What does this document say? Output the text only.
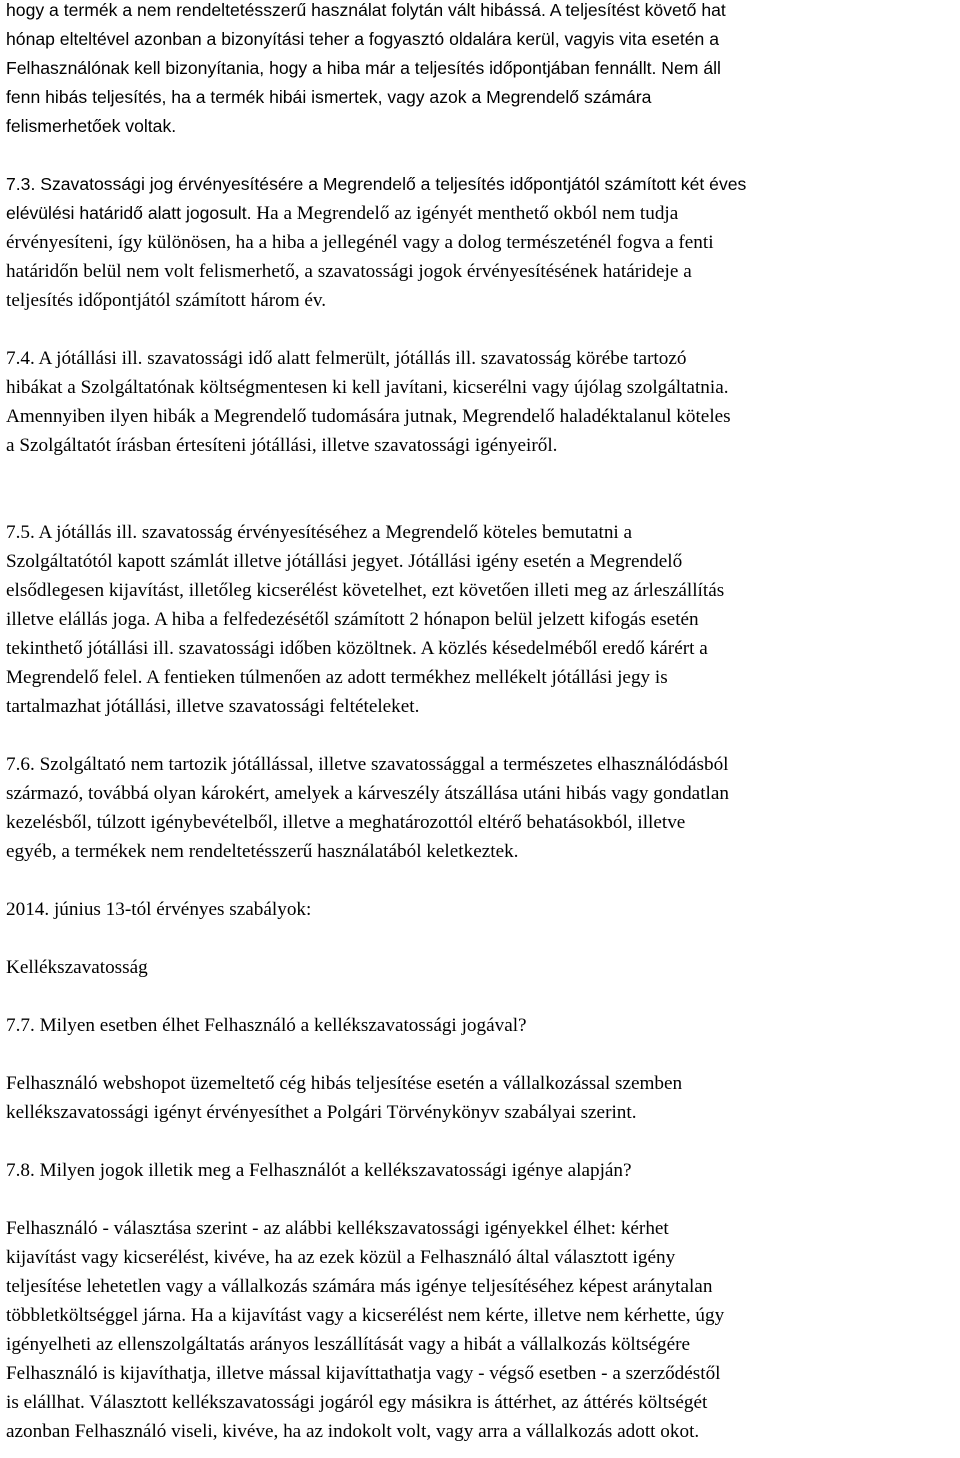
hogy a termék a nem rendeltetésszerű használat folytán vált hibássá. A teljesítést követő hat
hónap elteltével azonban a bizonyítási teher a fogyasztó oldalára kerül, vagyis vita esetén a
Felhasználónak kell bizonyítania, hogy a hiba már a teljesítés időpontjában fennállt. Nem áll
fenn hibás teljesítés, ha a termék hibái ismertek, vagy azok a Megrendelő számára
felismerhetőek voltak.

7.3. Szavatossági jog érvényesítésére a Megrendelő a teljesítés időpontjától számított két éves
elévülési határidő alatt jogosult. Ha a Megrendelő az igényét menthető okból nem tudja
érvényesíteni, így különösen, ha a hiba a jellegénél vagy a dolog természeténél fogva a fenti
határidőn belül nem volt felismerhető, a szavatossági jogok érvényesítésének határideje a
teljesítés időpontjától számított három év.

7.4. A jótállási ill. szavatossági idő alatt felmerült, jótállás ill. szavatosság körébe tartozó
hibákat a Szolgáltatónak költségmentesen ki kell javítani, kicserélni vagy újólag szolgáltatnia.
Amennyiben ilyen hibák a Megrendelő tudomására jutnak, Megrendelő haladéktalanul köteles
a Szolgáltatót írásban értesíteni jótállási, illetve szavatossági igényeiről.

7.5. A jótállás ill. szavatosság érvényesítéséhez a Megrendelő köteles bemutatni a
Szolgáltatótól kapott számlát illetve jótállási jegyet. Jótállási igény esetén a Megrendelő
elsődlegesen kijavítást, illetőleg kicserélést követelhet, ezt követően illeti meg az árleszállítás
illetve elállás joga. A hiba a felfedezésétől számított 2 hónapon belül jelzett kifogás esetén
tekinthető jótállási ill. szavatossági időben közöltnek. A közlés késedelméből eredő kárért a
Megrendelő felel. A fentieken túlmenően az adott termékhez mellékelt jótállási jegy is
tartalmazhat jótállási, illetve szavatossági feltételeket.

7.6. Szolgáltató nem tartozik jótállással, illetve szavatossággal a természetes elhasználódásból
származó, továbbá olyan károkért, amelyek a kárveszély átszállása utáni hibás vagy gondatlan
kezelésből, túlzott igénybevételből, illetve a meghatározottól eltérő behatásokból, illetve
egyéb, a termékek nem rendeltetésszerű használatából keletkeztek.

2014. június 13-tól érvényes szabályok:

Kellékszavatosság

7.7. Milyen esetben élhet Felhasználó a kellékszavatossági jogával?

Felhasználó webshopot üzemeltető cég hibás teljesítése esetén a vállalkozással szemben
kellékszavatossági igényt érvényesíthet a Polgári Törvénykönyv szabályai szerint.

7.8. Milyen jogok illetik meg a Felhasználót a kellékszavatossági igénye alapján?

Felhasználó - választása szerint - az alábbi kellékszavatossági igényekkel élhet: kérhet
kijavítást vagy kicserélést, kivéve, ha az ezek közül a Felhasználó által választott igény
teljesítése lehetetlen vagy a vállalkozás számára más igénye teljesítéséhez képest aránytalan
többletköltséggel járna. Ha a kijavítást vagy a kicserélést nem kérte, illetve nem kérhette, úgy
igényelheti az ellenszolgáltatás arányos leszállítását vagy a hibát a vállalkozás költségére
Felhasználó is kijavíthatja, illetve mással kijavíttathatja vagy - végső esetben - a szerződéstől
is elállhat. Választott kellékszavatossági jogáról egy másikra is áttérhet, az áttérés költségét
azonban Felhasználó viseli, kivéve, ha az indokolt volt, vagy arra a vállalkozás adott okot.
